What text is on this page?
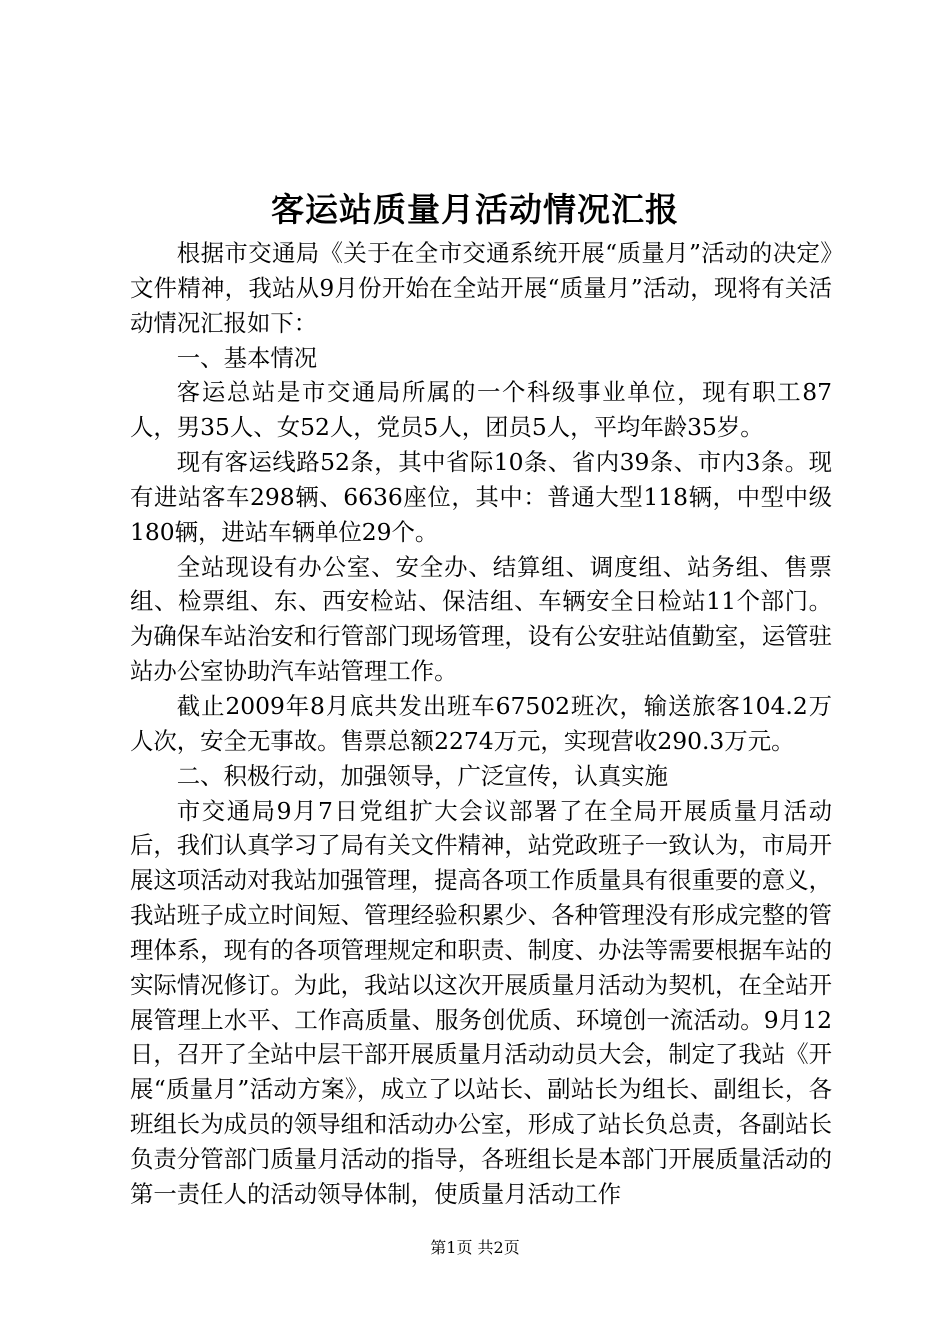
客运站质量月活动情况汇报

根据市交通局《关于在全市交通系统开展“质量月”活动的决定》文件精神，我站从9月份开始在全站开展“质量月”活动，现将有关活动情况汇报如下：

一、基本情况

客运总站是市交通局所属的一个科级事业单位，现有职工87人，男35人、女52人，党员5人，团员5人，平均年龄35岁。

现有客运线路52条，其中省际10条、省内39条、市内3条。现有进站客车298辆、6636座位，其中：普通大型118辆，中型中级180辆，进站车辆单位29个。

全站现设有办公室、安全办、结算组、调度组、站务组、售票组、检票组、东、西安检站、保洁组、车辆安全日检站11个部门。为确保车站治安和行管部门现场管理，设有公安驻站值勤室，运管驻站办公室协助汽车站管理工作。

截止2009年8月底共发出班车67502班次，输送旅客104.2万人次，安全无事故。售票总额2274万元，实现营收290.3万元。

二、积极行动，加强领导，广泛宣传，认真实施

市交通局9月7日党组扩大会议部署了在全局开展质量月活动后，我们认真学习了局有关文件精神，站党政班子一致认为，市局开展这项活动对我站加强管理，提高各项工作质量具有很重要的意义，我站班子成立时间短、管理经验积累少、各种管理没有形成完整的管理体系，现有的各项管理规定和职责、制度、办法等需要根据车站的实际情况修订。为此，我站以这次开展质量月活动为契机，在全站开展管理上水平、工作高质量、服务创优质、环境创一流活动。9月12日，召开了全站中层干部开展质量月活动动员大会，制定了我站《开展“质量月”活动方案》，成立了以站长、副站长为组长、副组长，各班组长为成员的领导组和活动办公室，形成了站长负总责，各副站长负责分管部门质量月活动的指导，各班组长是本部门开展质量活动的第一责任人的活动领导体制，使质量月活动工作

第1页 共2页
